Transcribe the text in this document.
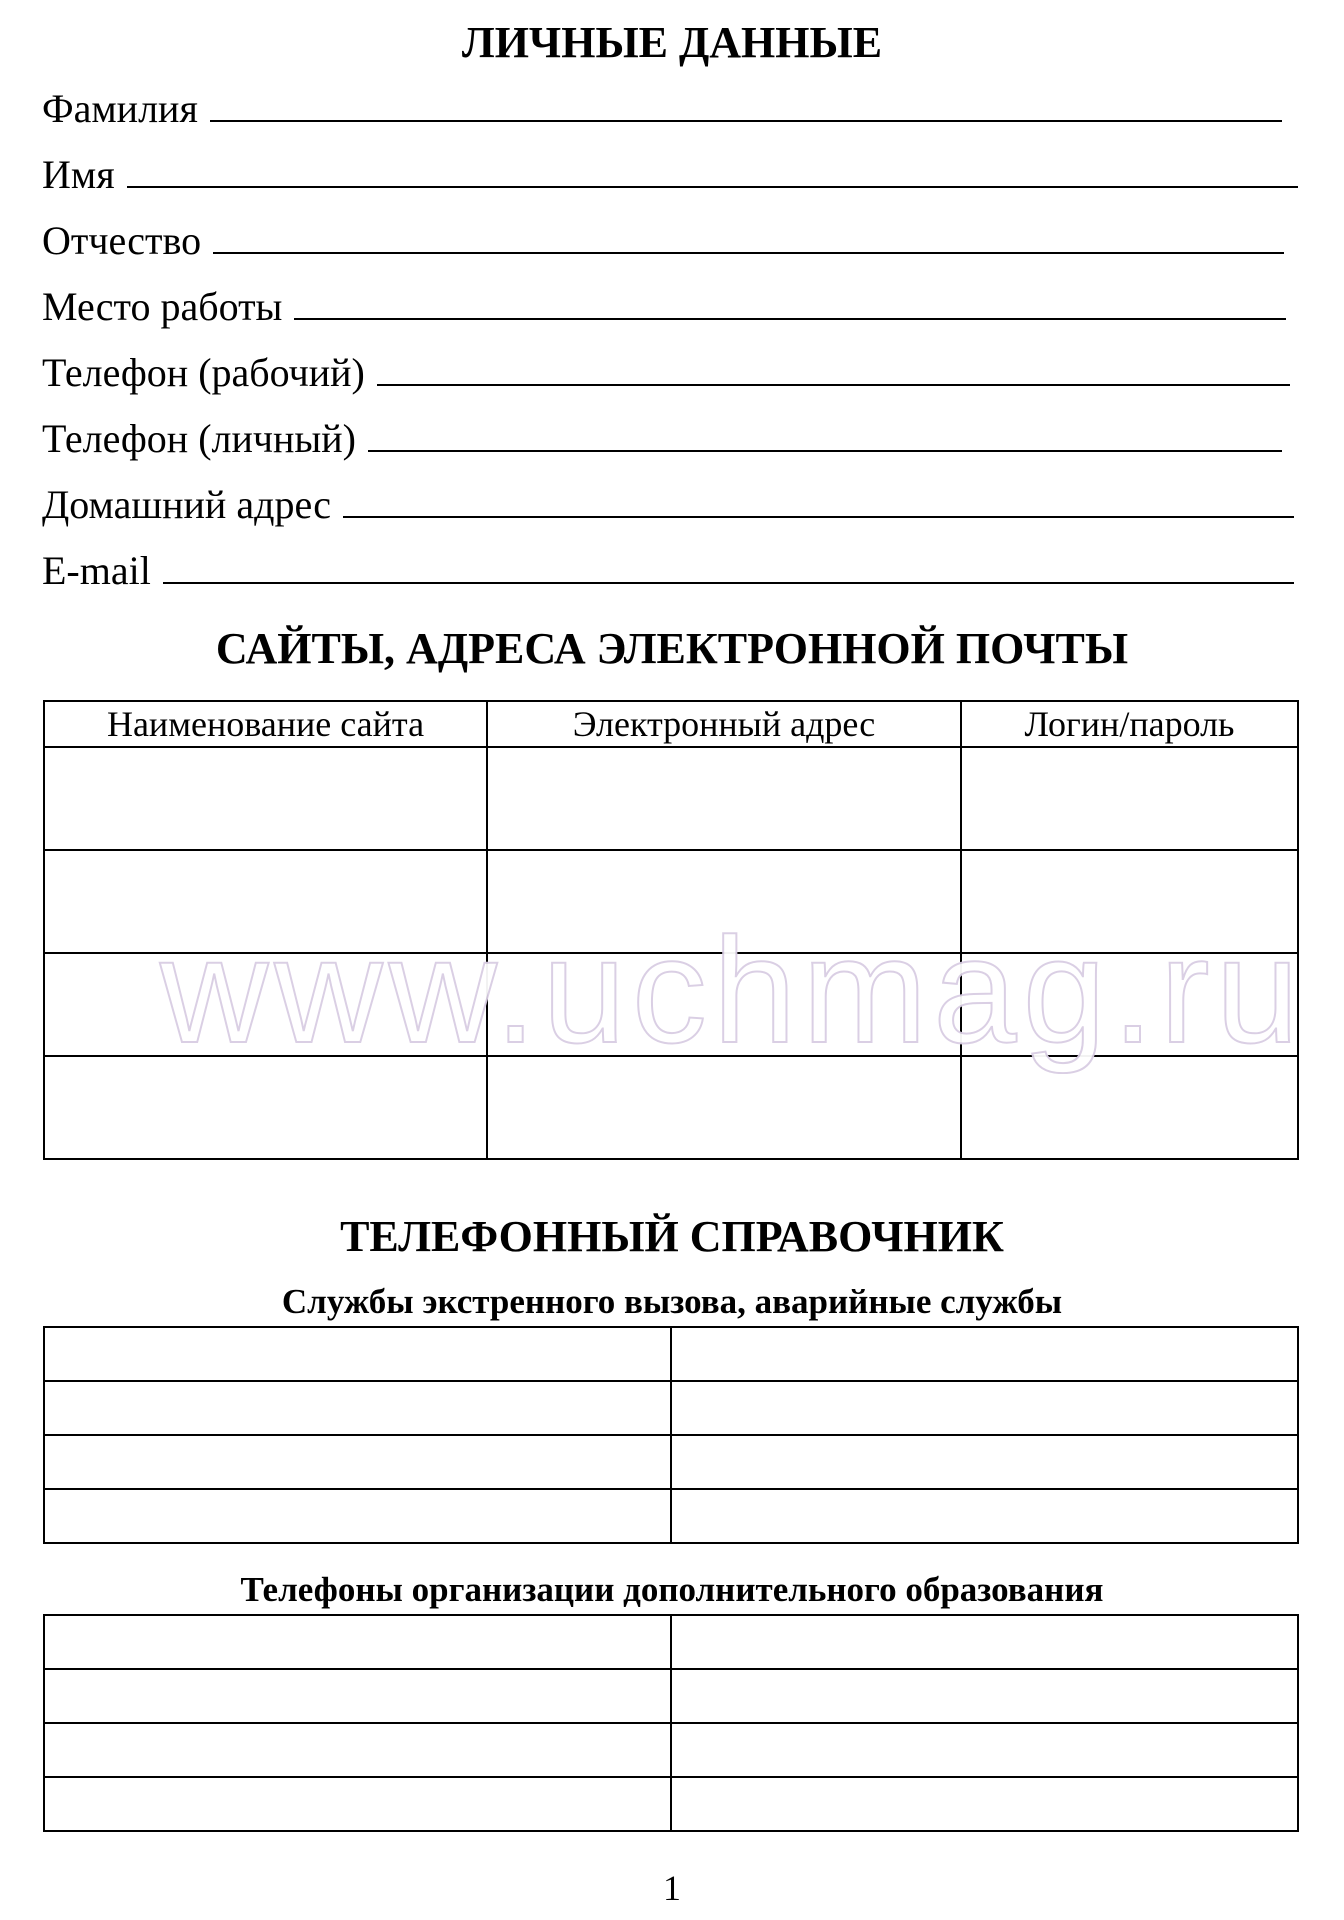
ЛИЧНЫЕ ДАННЫЕ
Фамилия
Имя
Отчество
Место работы
Телефон (рабочий)
Телефон (личный)
Домашний адрес
E-mail
САЙТЫ, АДРЕСА ЭЛЕКТРОННОЙ ПОЧТЫ
Наименование сайта	Электронный адрес	Логин/пароль

www.uchmag.ru
ТЕЛЕФОННЫЙ СПРАВОЧНИК
Службы экстренного вызова, аварийные службы

Телефоны организации дополнительного образования

1
